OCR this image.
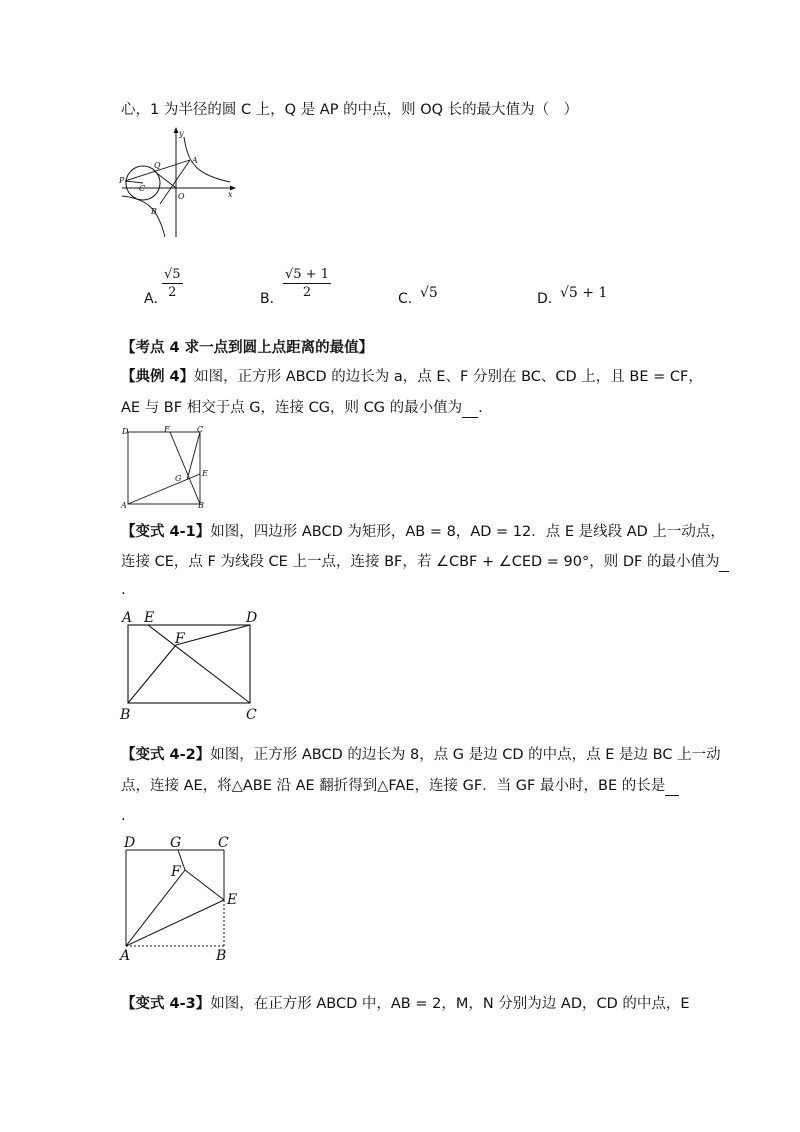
心，1 为半径的圆 C 上，Q 是 AP 的中点，则 OQ 长的最大值为（　）
y
x
O
Q
A
P
C
B
A．
√5
2	B．
√5 + 1
2	C．
√5	D．
√5 + 1
【考点 4 求一点到圆上点距离的最值】
【典例 4】如图，正方形 ABCD 的边长为 a，点 E、F 分别在 BC、CD 上，且 BE = CF，
AE 与 BF 相交于点 G，连接 CG，则 CG 的最小值为 .
D	F	C
G
E
A	B
【变式 4-1】如图，四边形 ABCD 为矩形，AB = 8，AD = 12．点 E 是线段 AD 上一动点，
连接 CE，点 F 为线段 CE 上一点，连接 BF，若 ∠CBF + ∠CED = 90°，则 DF 的最小值为
.
A E	D
F
B	C
【变式 4-2】如图，正方形 ABCD 的边长为 8，点 G 是边 CD 的中点，点 E 是边 BC 上一动
点，连接 AE，将△ABE 沿 AE 翻折得到△FAE，连接 GF．当 GF 最小时，BE 的长是
.
D G	C
F
E
A	B
【变式 4-3】如图，在正方形 ABCD 中，AB = 2，M，N 分别为边 AD，CD 的中点，E
